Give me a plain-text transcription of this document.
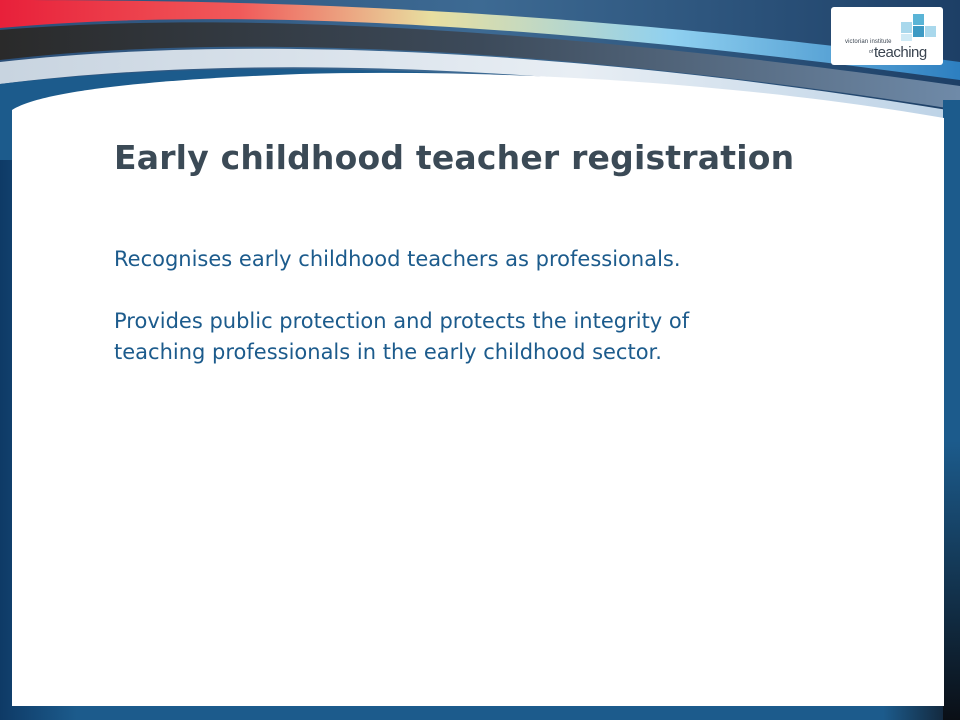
victorian institute
of teaching
Early childhood teacher registration

Recognises early childhood teachers as professionals.

Provides public protection and protects the integrity of teaching professionals in the early childhood sector.
